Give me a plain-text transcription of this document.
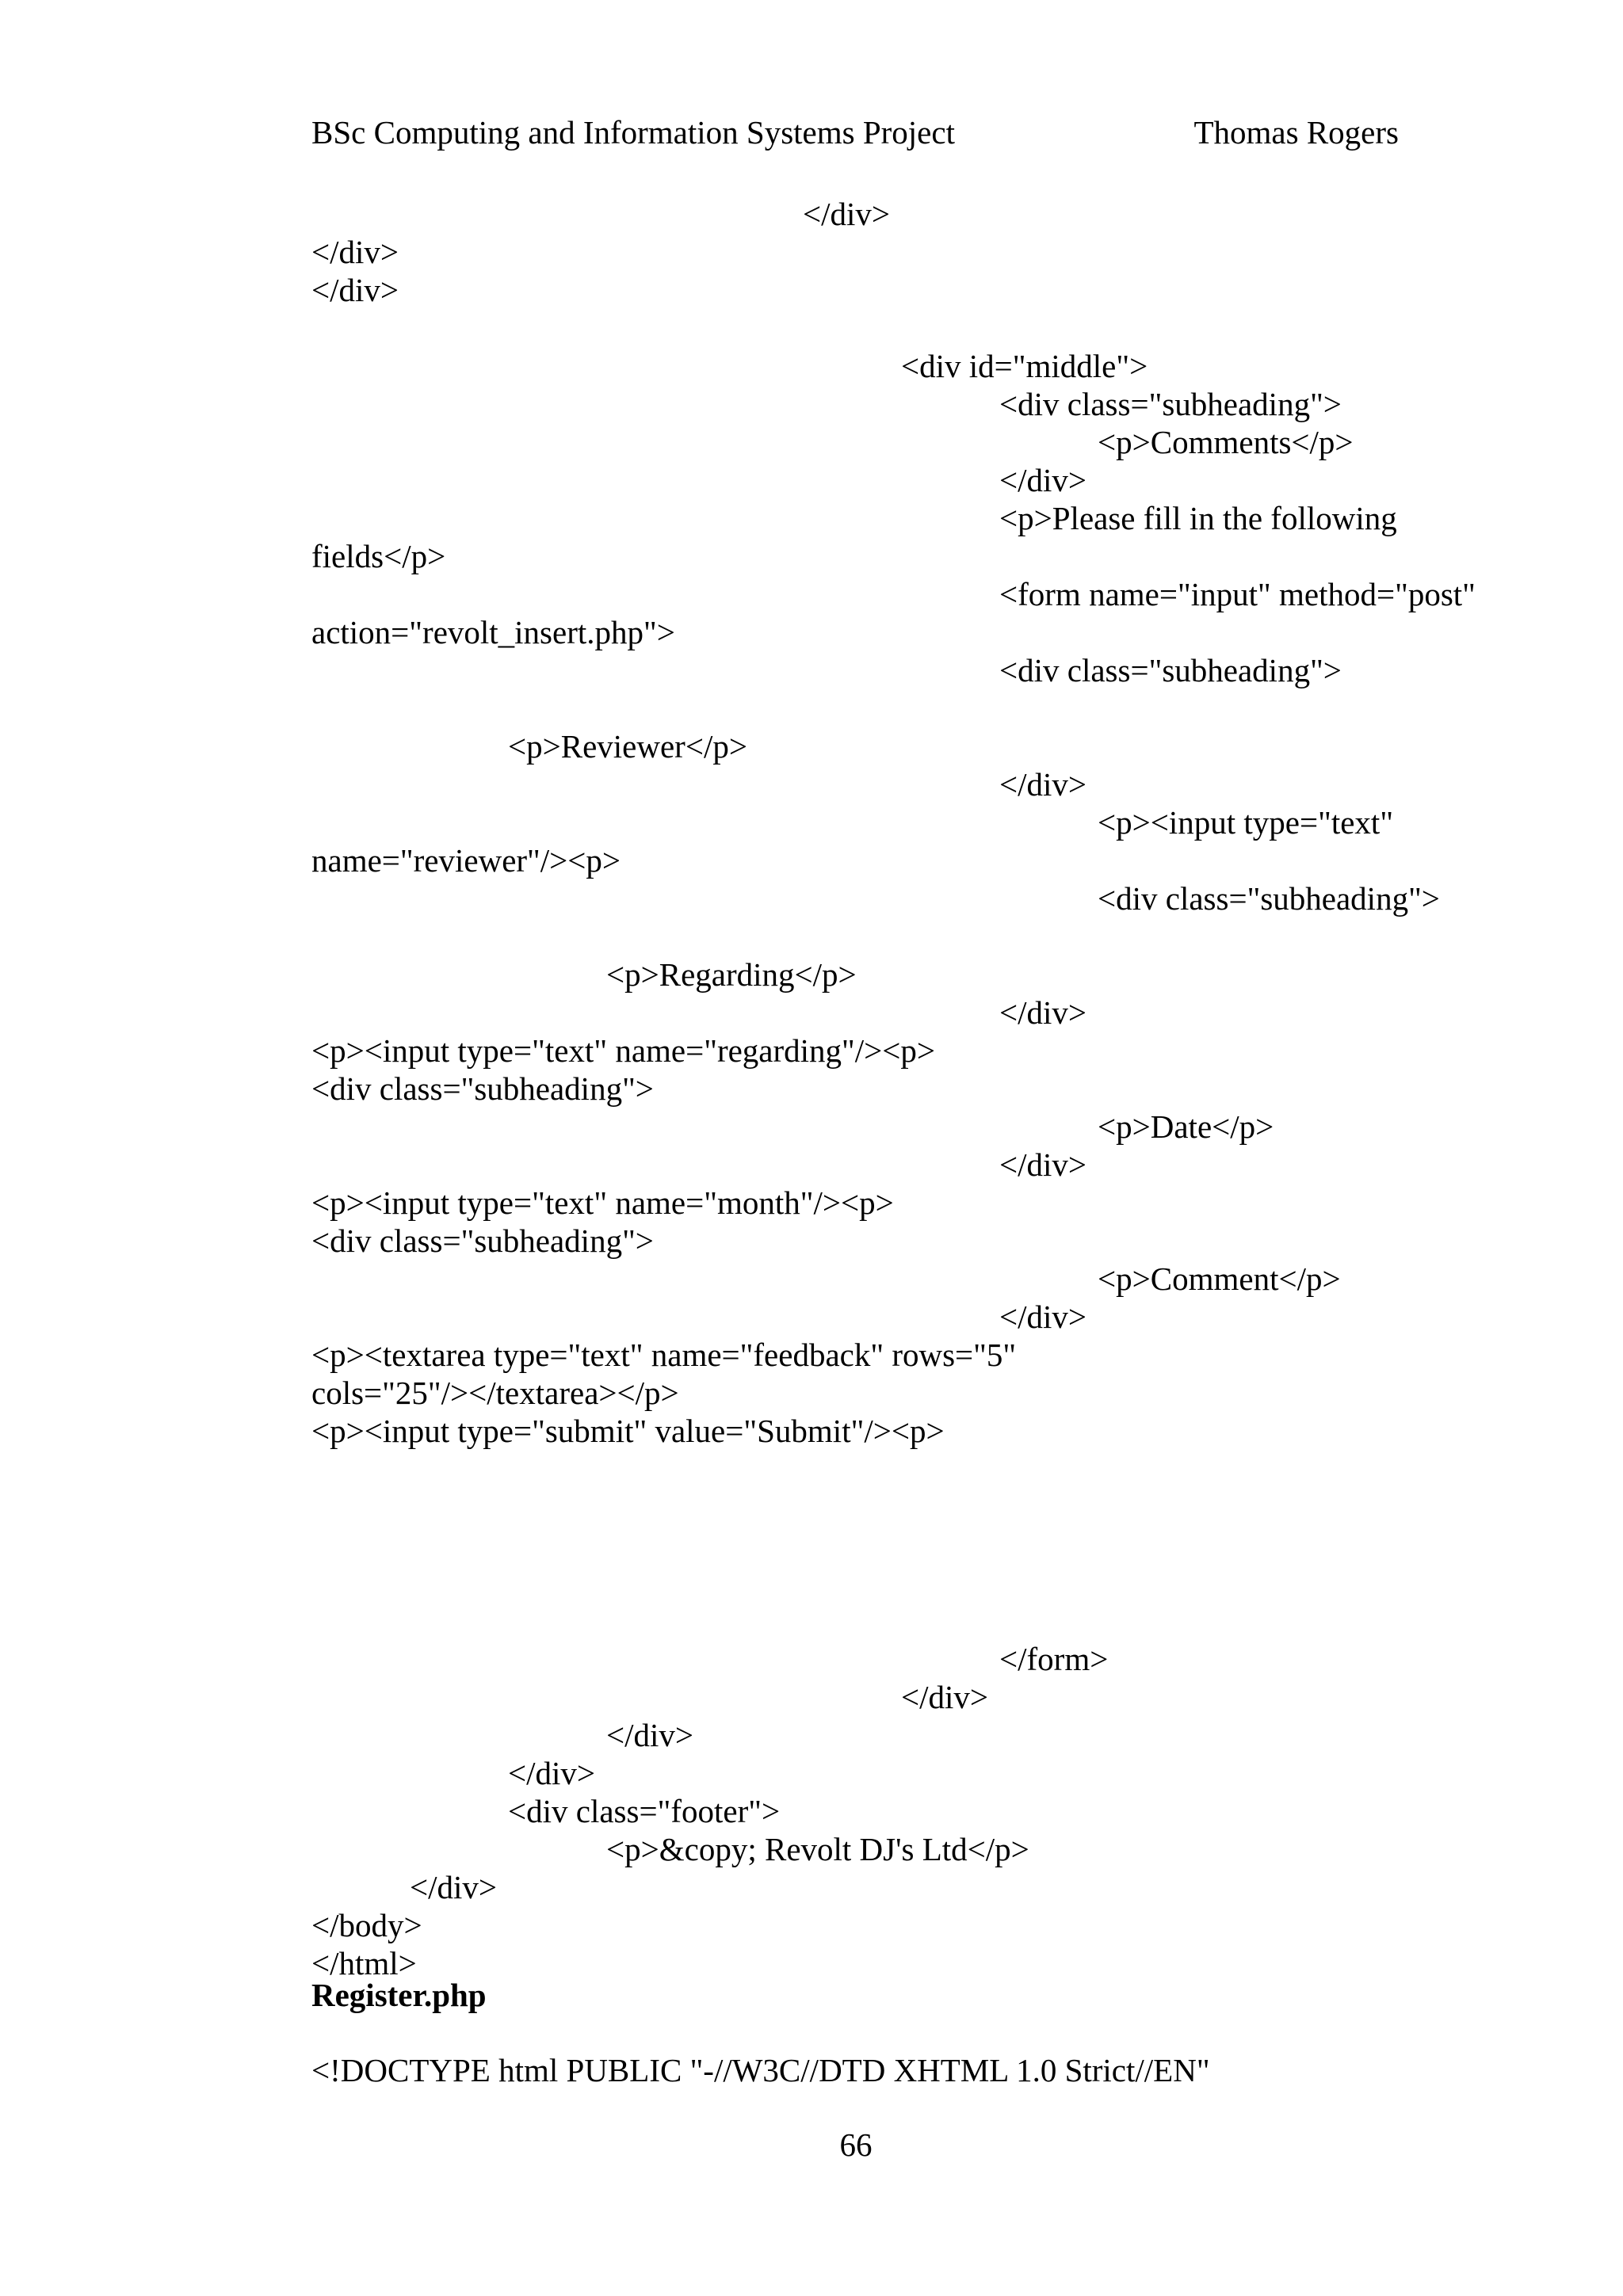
BSc Computing and Information Systems Project	Thomas Rogers
</div>
</div>
</div>
<div id="middle">
<div class="subheading">
<p>Comments</p>
</div>
<p>Please fill in the following
fields</p>
<form name="input" method="post"
action="revolt_insert.php">
<div class="subheading">
<p>Reviewer</p>
</div>
<p><input type="text"
name="reviewer"/><p>
<div class="subheading">
<p>Regarding</p>
</div>
<p><input type="text" name="regarding"/><p>
<div class="subheading">
<p>Date</p>
</div>
<p><input type="text" name="month"/><p>
<div class="subheading">
<p>Comment</p>
</div>
<p><textarea type="text" name="feedback" rows="5"
cols="25"/></textarea></p>
<p><input type="submit" value="Submit"/><p>
</form>
</div>
</div>
</div>
<div class="footer">
<p>&copy; Revolt DJ's Ltd</p>
</div>
</body>
</html>
Register.php
<!DOCTYPE html PUBLIC "-//W3C//DTD XHTML 1.0 Strict//EN"
66
